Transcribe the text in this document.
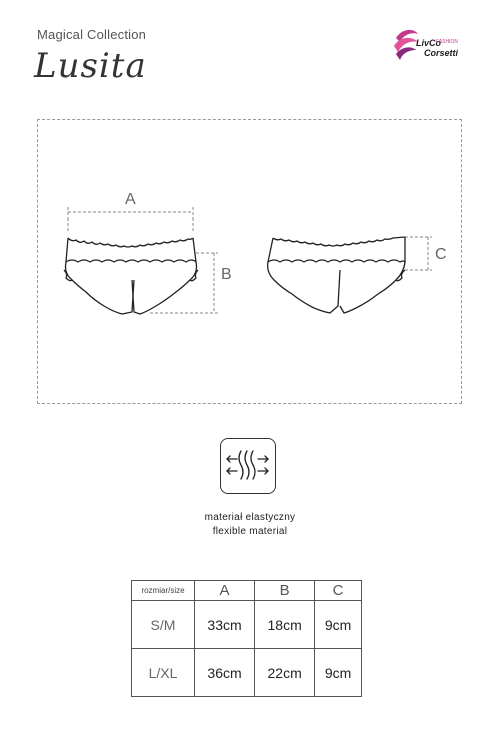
Magical Collection
Lusita
LivCo
FASHION
Corsetti
A
B
C
materiał elastyczny
flexible material
rozmiar/size	A	B	C
S/M	33cm	18cm	9cm
L/XL	36cm	22cm	9cm
